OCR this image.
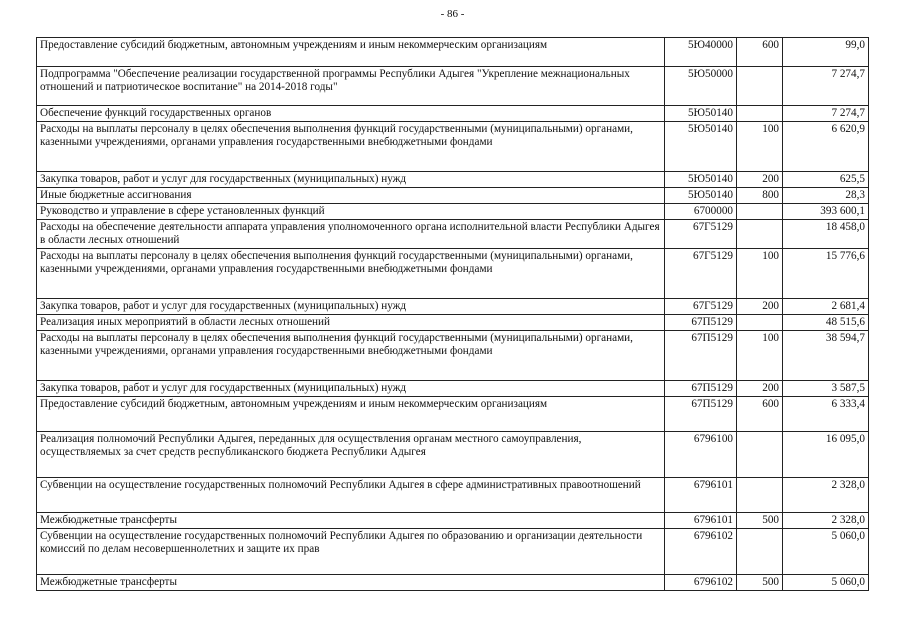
- 86 -
Предоставление субсидий бюджетным, автономным учреждениям и иным некоммерческим организациям	5Ю40000	600	99,0
Подпрограмма "Обеспечение реализации государственной программы Республики Адыгея "Укрепление межнациональных отношений и патриотическое воспитание" на 2014-2018 годы"	5Ю50000		7 274,7
Обеспечение функций государственных органов	5Ю50140		7 274,7
Расходы на выплаты персоналу в целях обеспечения выполнения функций государственными (муниципальными) органами, казенными учреждениями, органами управления государственными внебюджетными фондами	5Ю50140	100	6 620,9
Закупка товаров, работ и услуг для государственных (муниципальных) нужд	5Ю50140	200	625,5
Иные бюджетные ассигнования	5Ю50140	800	28,3
Руководство и управление в сфере установленных функций	6700000		393 600,1
Расходы на обеспечение деятельности аппарата управления уполномоченного органа исполнительной власти Республики Адыгея в области лесных отношений	67Г5129		18 458,0
Расходы на выплаты персоналу в целях обеспечения выполнения функций государственными (муниципальными) органами, казенными учреждениями, органами управления государственными внебюджетными фондами	67Г5129	100	15 776,6
Закупка товаров, работ и услуг для государственных (муниципальных) нужд	67Г5129	200	2 681,4
Реализация иных мероприятий в области лесных отношений	67П5129		48 515,6
Расходы на выплаты персоналу в целях обеспечения выполнения функций государственными (муниципальными) органами, казенными учреждениями, органами управления государственными внебюджетными фондами	67П5129	100	38 594,7
Закупка товаров, работ и услуг для государственных (муниципальных) нужд	67П5129	200	3 587,5
Предоставление субсидий бюджетным, автономным учреждениям и иным некоммерческим организациям	67П5129	600	6 333,4
Реализация полномочий Республики Адыгея, переданных для осуществления органам местного самоуправления, осуществляемых за счет средств республиканского бюджета Республики Адыгея	6796100		16 095,0
Субвенции на осуществление государственных полномочий Республики Адыгея в сфере административных правоотношений	6796101		2 328,0
Межбюджетные трансферты	6796101	500	2 328,0
Субвенции на осуществление государственных полномочий Республики Адыгея по образованию и организации деятельности комиссий по делам несовершеннолетних и защите их прав	6796102		5 060,0
Межбюджетные трансферты	6796102	500	5 060,0
